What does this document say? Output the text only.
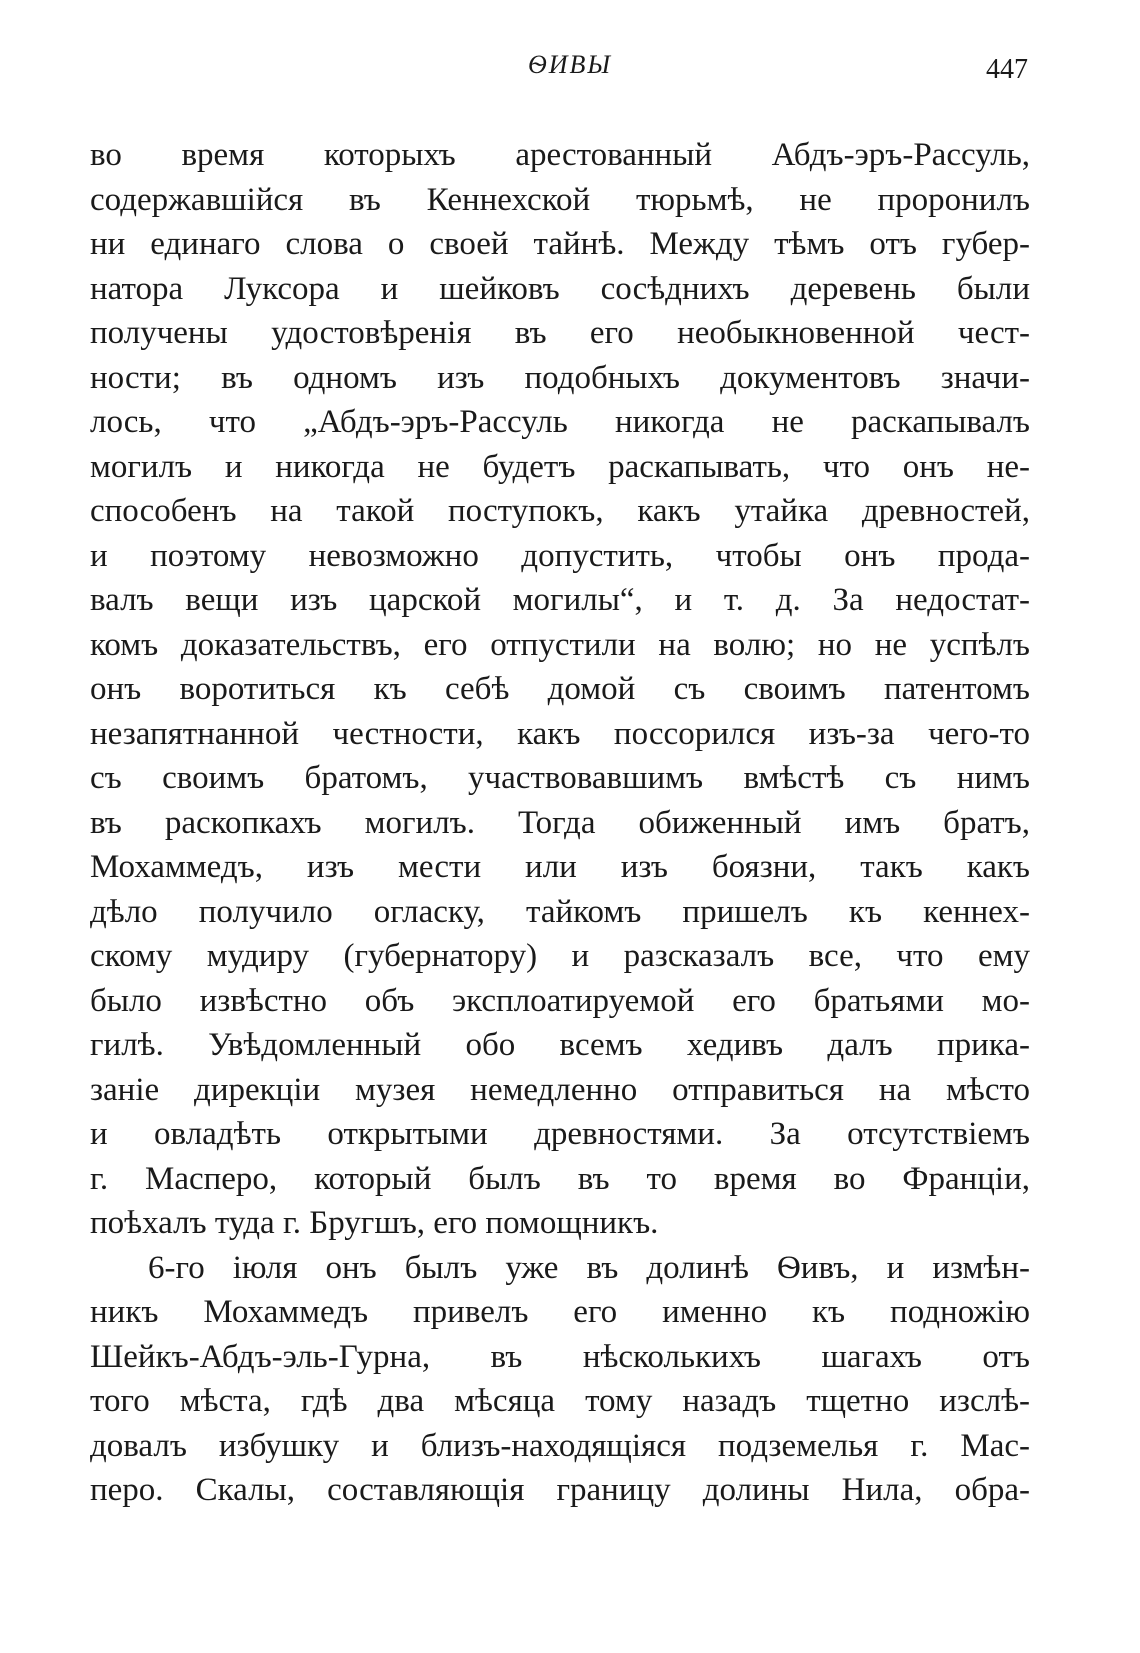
ѲИВЫ	447
во время которыхъ арестованный Абдъ-эръ-Рассуль,
содержавшійся въ Кеннехской тюрьмѣ, не проронилъ
ни единаго слова о своей тайнѣ. Между тѣмъ отъ губер-
натора Луксора и шейковъ сосѣднихъ деревень были
получены удостовѣренія въ его необыкновенной чест-
ности; въ одномъ изъ подобныхъ документовъ значи-
лось, что „Абдъ-эръ-Рассуль никогда не раскапывалъ
могилъ и никогда не будетъ раскапывать, что онъ не-
способенъ на такой поступокъ, какъ утайка древностей,
и поэтому невозможно допустить, чтобы онъ прода-
валъ вещи изъ царской могилы“, и т. д. За недостат-
комъ доказательствъ, его отпустили на волю; но не успѣлъ
онъ воротиться къ себѣ домой съ своимъ патентомъ
незапятнанной честности, какъ поссорился изъ-за чего-то
съ своимъ братомъ, участвовавшимъ вмѣстѣ съ нимъ
въ раскопкахъ могилъ. Тогда обиженный имъ братъ,
Мохаммедъ, изъ мести или изъ боязни, такъ какъ
дѣло получило огласку, тайкомъ пришелъ къ кеннех-
скому мудиру (губернатору) и разсказалъ все, что ему
было извѣстно объ эксплоатируемой его братьями мо-
гилѣ. Увѣдомленный обо всемъ хедивъ далъ прика-
заніе дирекціи музея немедленно отправиться на мѣсто
и овладѣть открытыми древностями. За отсутствіемъ
г. Масперо, который былъ въ то время во Франціи,
поѣхалъ туда г. Бругшъ, его помощникъ.
6-го іюля онъ былъ уже въ долинѣ Ѳивъ, и измѣн-
никъ Мохаммедъ привелъ его именно къ подножію
Шейкъ-Абдъ-эль-Гурна, въ нѣсколькихъ шагахъ отъ
того мѣста, гдѣ два мѣсяца тому назадъ тщетно изслѣ-
довалъ избушку и близъ-находящіяся подземелья г. Мас-
перо. Скалы, составляющія границу долины Нила, обра-
